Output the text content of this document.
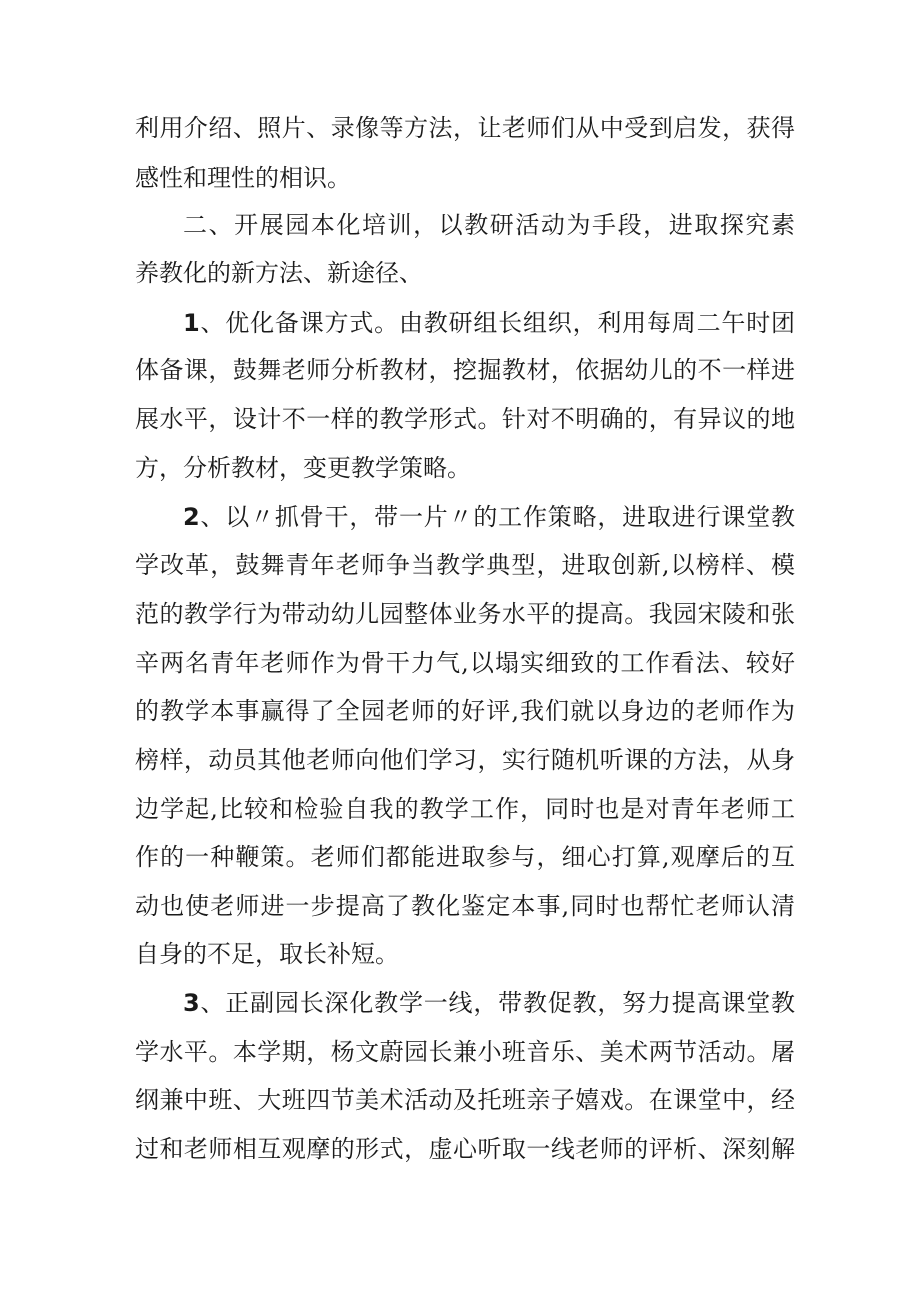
利用介绍、照片、录像等方法，让老师们从中受到启发，获得
感性和理性的相识。
二、开展园本化培训，以教研活动为手段，进取探究素
养教化的新方法、新途径、
1、优化备课方式。由教研组长组织，利用每周二午时团
体备课，鼓舞老师分析教材，挖掘教材，依据幼儿的不一样进
展水平，设计不一样的教学形式。针对不明确的，有异议的地
方，分析教材，变更教学策略。
2、以〃抓骨干，带一片〃的工作策略，进取进行课堂教
学改革，鼓舞青年老师争当教学典型，进取创新,以榜样、模
范的教学行为带动幼儿园整体业务水平的提高。我园宋陵和张
辛两名青年老师作为骨干力气,以塌实细致的工作看法、较好
的教学本事赢得了全园老师的好评,我们就以身边的老师作为
榜样，动员其他老师向他们学习，实行随机听课的方法，从身
边学起,比较和检验自我的教学工作，同时也是对青年老师工
作的一种鞭策。老师们都能进取参与，细心打算,观摩后的互
动也使老师进一步提高了教化鉴定本事,同时也帮忙老师认清
自身的不足，取长补短。
3、正副园长深化教学一线，带教促教，努力提高课堂教
学水平。本学期，杨文蔚园长兼小班音乐、美术两节活动。屠
纲兼中班、大班四节美术活动及托班亲子嬉戏。在课堂中，经
过和老师相互观摩的形式，虚心听取一线老师的评析、深刻解
